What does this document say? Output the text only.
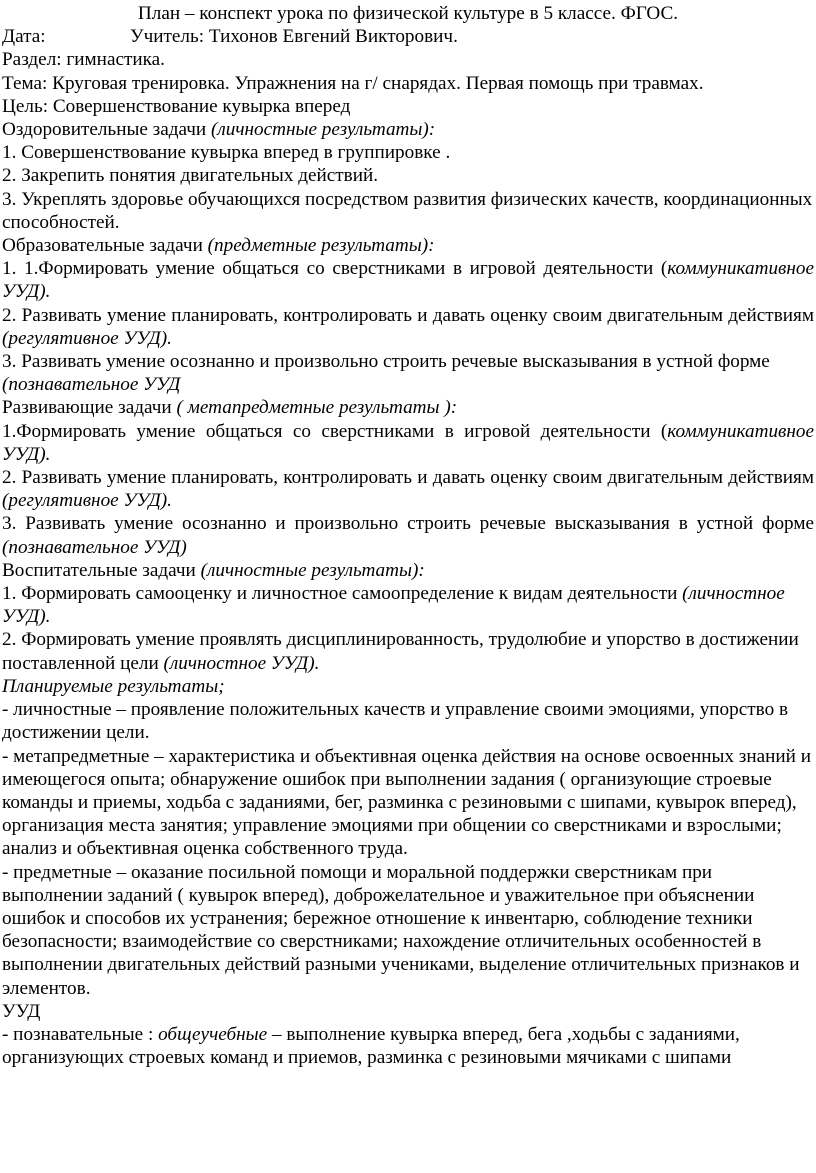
План – конспект урока по физической культуре в 5 классе. ФГОС.

Дата:	Учитель: Тихонов Евгений Викторович.

Раздел: гимнастика.

Тема: Круговая тренировка. Упражнения на г/ снарядах. Первая помощь при травмах.

Цель: Совершенствование кувырка вперед

Оздоровительные задачи (личностные результаты):

1. Совершенствование кувырка вперед в группировке .

2. Закрепить понятия двигательных действий.

3. Укреплять здоровье обучающихся посредством развития физических качеств, координационных способностей.

Образовательные задачи (предметные результаты):

1. 1.Формировать умение общаться со сверстниками в игровой деятельности (коммуникативное УУД).

2. Развивать умение планировать, контролировать и давать оценку своим двигательным действиям (регулятивное УУД).

3. Развивать умение осознанно и произвольно строить речевые высказывания в устной форме (познавательное УУД

Развивающие задачи ( метапредметные результаты ):

1.Формировать умение общаться со сверстниками в игровой деятельности (коммуникативное УУД).

2. Развивать умение планировать, контролировать и давать оценку своим двигательным действиям (регулятивное УУД).

3. Развивать умение осознанно и произвольно строить речевые высказывания в устной форме (познавательное УУД)

Воспитательные задачи (личностные результаты):

1. Формировать самооценку и личностное самоопределение к видам деятельности (личностное УУД).

2. Формировать умение проявлять дисциплинированность, трудолюбие и упорство в достижении поставленной цели (личностное УУД).

Планируемые результаты;

- личностные – проявление положительных качеств и управление своими эмоциями, упорство в достижении цели.

- метапредметные – характеристика и объективная оценка действия на основе освоенных знаний и имеющегося опыта; обнаружение ошибок при выполнении задания ( организующие строевые команды и приемы, ходьба с заданиями, бег, разминка с резиновыми с шипами, кувырок вперед), организация места занятия; управление эмоциями при общении со сверстниками и взрослыми; анализ и объективная оценка собственного труда.

- предметные – оказание посильной помощи и моральной поддержки сверстникам при выполнении заданий ( кувырок вперед), доброжелательное и уважительное при объяснении ошибок и способов их устранения; бережное отношение к инвентарю, соблюдение техники безопасности; взаимодействие со сверстниками; нахождение отличительных особенностей в выполнении двигательных действий разными учениками, выделение отличительных признаков и элементов.

УУД

- познавательные : общеучебные – выполнение кувырка вперед, бега ,ходьбы с заданиями, организующих строевых команд и приемов, разминка с резиновыми мячиками с шипами
